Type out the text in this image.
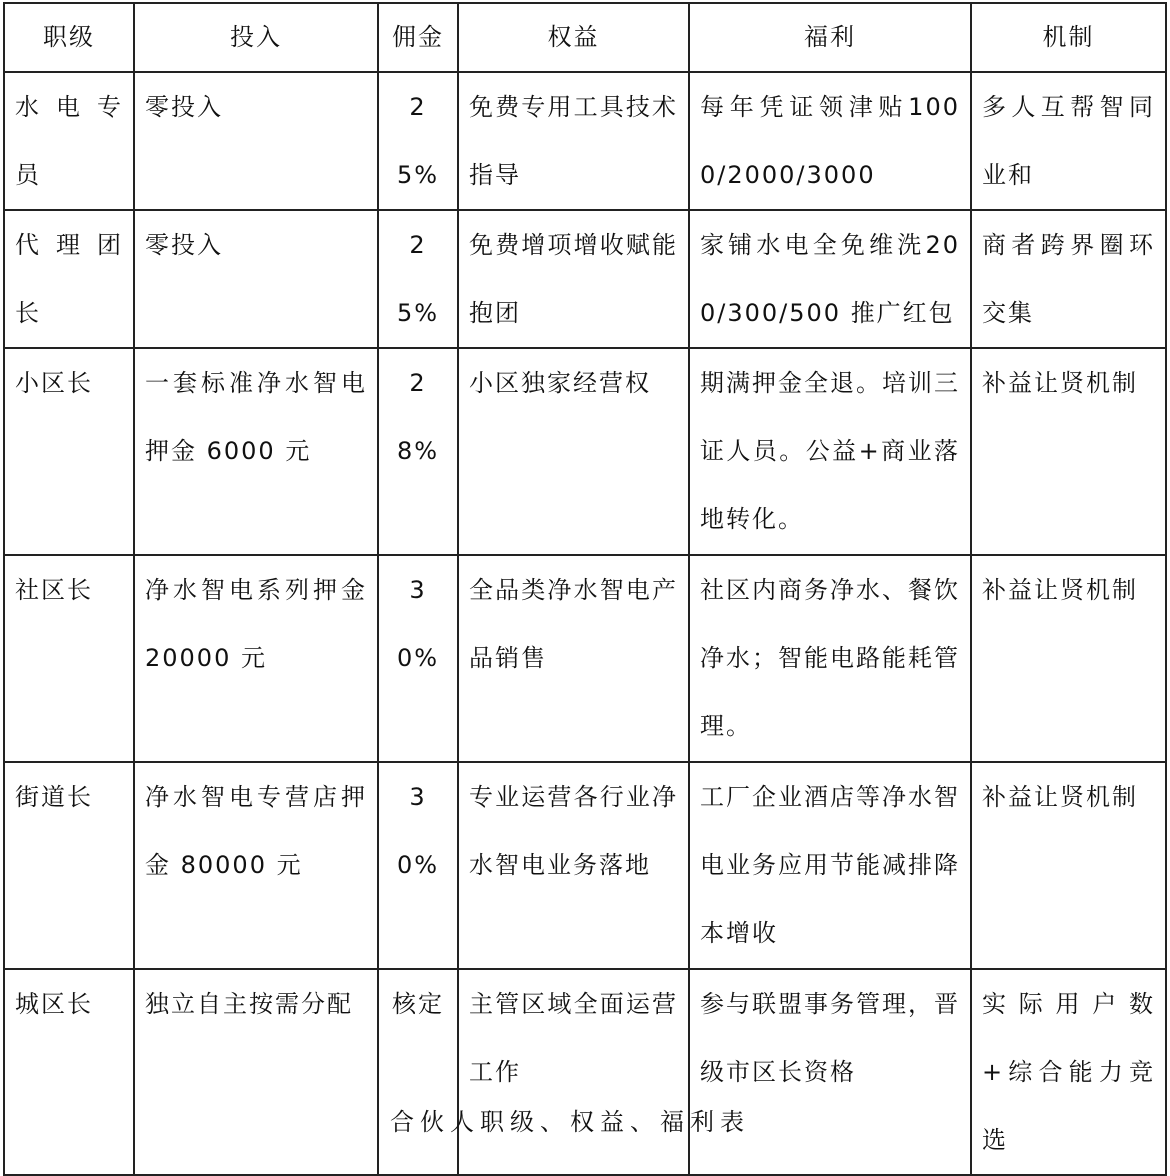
职级	投入	佣金	权益	福利	机制
水 电 专员	零投入	25%	免费专用工具技术指导	每年凭证领津贴1000/2000/3000	多人互帮智同业和
代 理 团长	零投入	25%	免费增项增收赋能抱团	家铺水电全免维洗200/300/500 推广红包	商者跨界圈环交集
小区长	一套标准净水智电押金 6000 元	28%	小区独家经营权	期满押金全退。培训三证人员。公益+商业落地转化。	补益让贤机制
社区长	净水智电系列押金20000 元	30%	全品类净水智电产品销售	社区内商务净水、餐饮净水；智能电路能耗管理。	补益让贤机制
街道长	净水智电专营店押金 80000 元	30%	专业运营各行业净水智电业务落地	工厂企业酒店等净水智电业务应用节能减排降本增收	补益让贤机制
城区长	独立自主按需分配	核定	主管区域全面运营工作	参与联盟事务管理，晋级市区长资格	实际用户数+综合能力竞选
合伙人职级、权益、福利表
